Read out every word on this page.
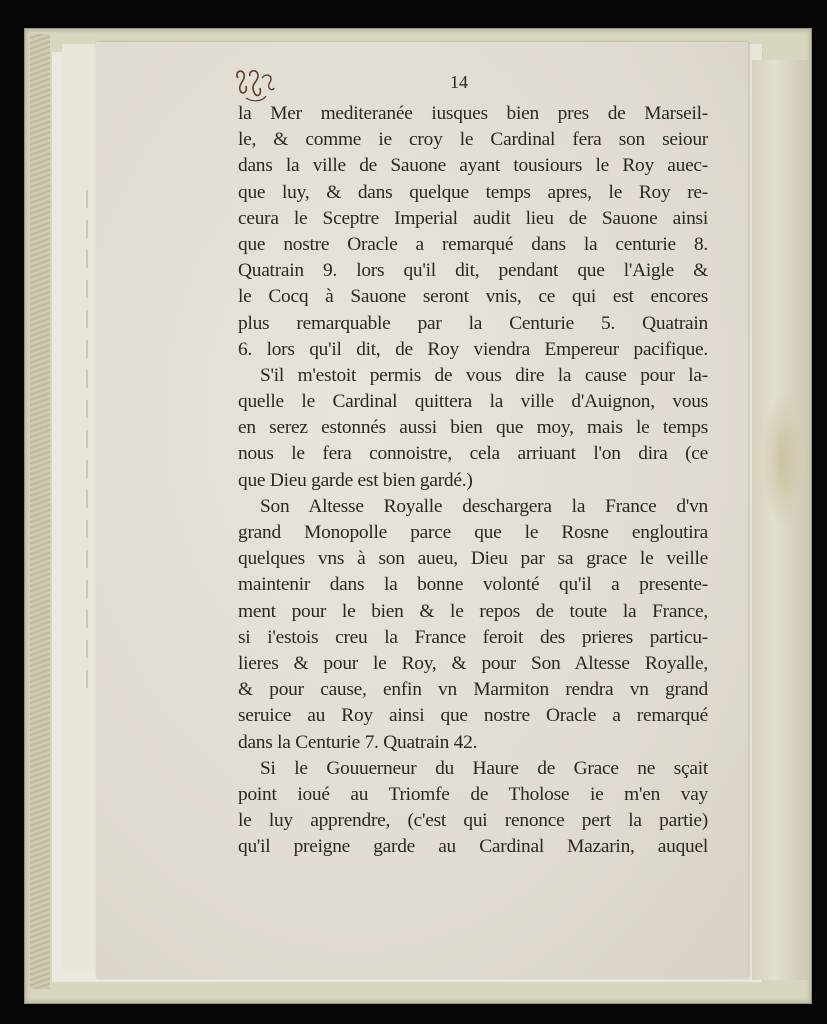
14
la Mer mediteranée iusques bien pres de Marseil-
le, & comme ie croy le Cardinal fera son seiour
dans la ville de Sauone ayant tousiours le Roy auec-
que luy, & dans quelque temps apres, le Roy re-
ceura le Sceptre Imperial audit lieu de Sauone ainsi
que nostre Oracle a remarqué dans la centurie 8.
Quatrain 9. lors qu'il dit, pendant que l'Aigle &
le Cocq à Sauone seront vnis, ce qui est encores
plus remarquable par la Centurie 5. Quatrain
6. lors qu'il dit, de Roy viendra Empereur pacifique.
S'il m'estoit permis de vous dire la cause pour la-
quelle le Cardinal quittera la ville d'Auignon, vous
en serez estonnés aussi bien que moy, mais le temps
nous le fera connoistre, cela arriuant l'on dira (ce
que Dieu garde est bien gardé.)
Son Altesse Royalle deschargera la France d'vn
grand Monopolle parce que le Rosne engloutira
quelques vns à son aueu, Dieu par sa grace le veille
maintenir dans la bonne volonté qu'il a presente-
ment pour le bien & le repos de toute la France,
si i'estois creu la France feroit des prieres particu-
lieres & pour le Roy, & pour Son Altesse Royalle,
& pour cause, enfin vn Marmiton rendra vn grand
seruice au Roy ainsi que nostre Oracle a remarqué
dans la Centurie 7. Quatrain 42.
Si le Gouuerneur du Haure de Grace ne sçait
point ioué au Triomfe de Tholose ie m'en vay
le luy apprendre, (c'est qui renonce pert la partie)
qu'il preigne garde au Cardinal Mazarin, auquel
